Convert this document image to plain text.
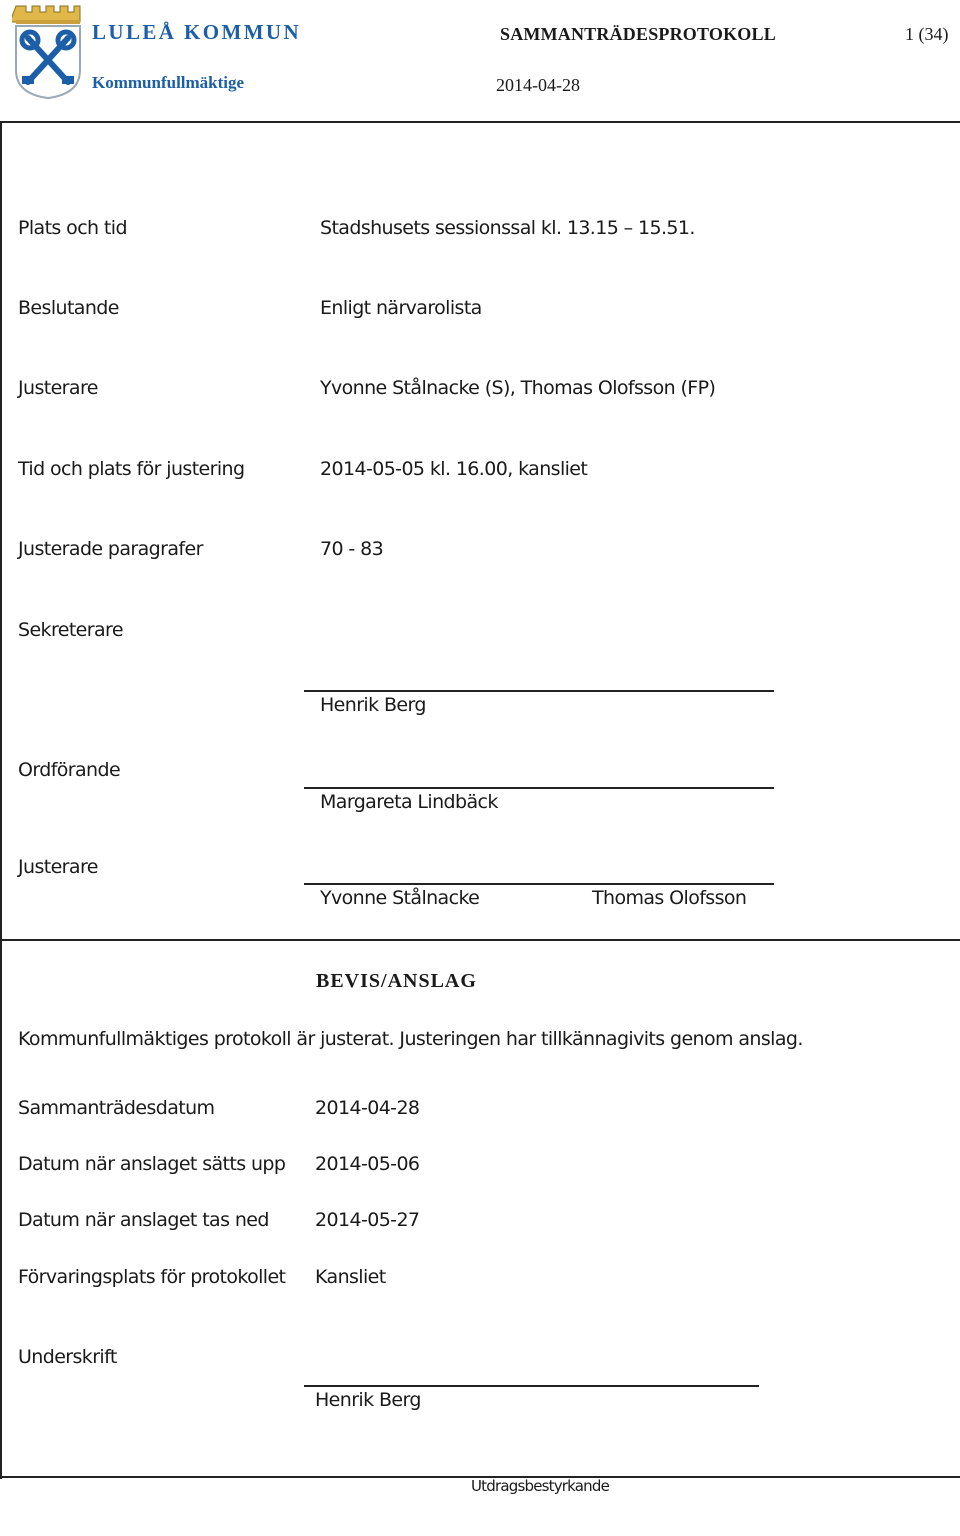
LULEÅ KOMMUN
Kommunfullmäktige
SAMMANTRÄDESPROTOKOLL	1 (34)
2014-04-28
Plats och tid	Stadshusets sessionssal kl. 13.15 – 15.51.
Beslutande	Enligt närvarolista
Justerare	Yvonne Stålnacke (S), Thomas Olofsson (FP)
Tid och plats för justering	2014-05-05 kl. 16.00, kansliet
Justerade paragrafer	70 - 83
Sekreterare
Henrik Berg
Ordförande
Margareta Lindbäck
Justerare
Yvonne Stålnacke	Thomas Olofsson
BEVIS/ANSLAG
Kommunfullmäktiges protokoll är justerat. Justeringen har tillkännagivits genom anslag.
Sammanträdesdatum	2014-04-28
Datum när anslaget sätts upp 2014-05-06
Datum när anslaget tas ned 2014-05-27
Förvaringsplats för protokollet Kansliet
Underskrift
Henrik Berg
Utdragsbestyrkande
